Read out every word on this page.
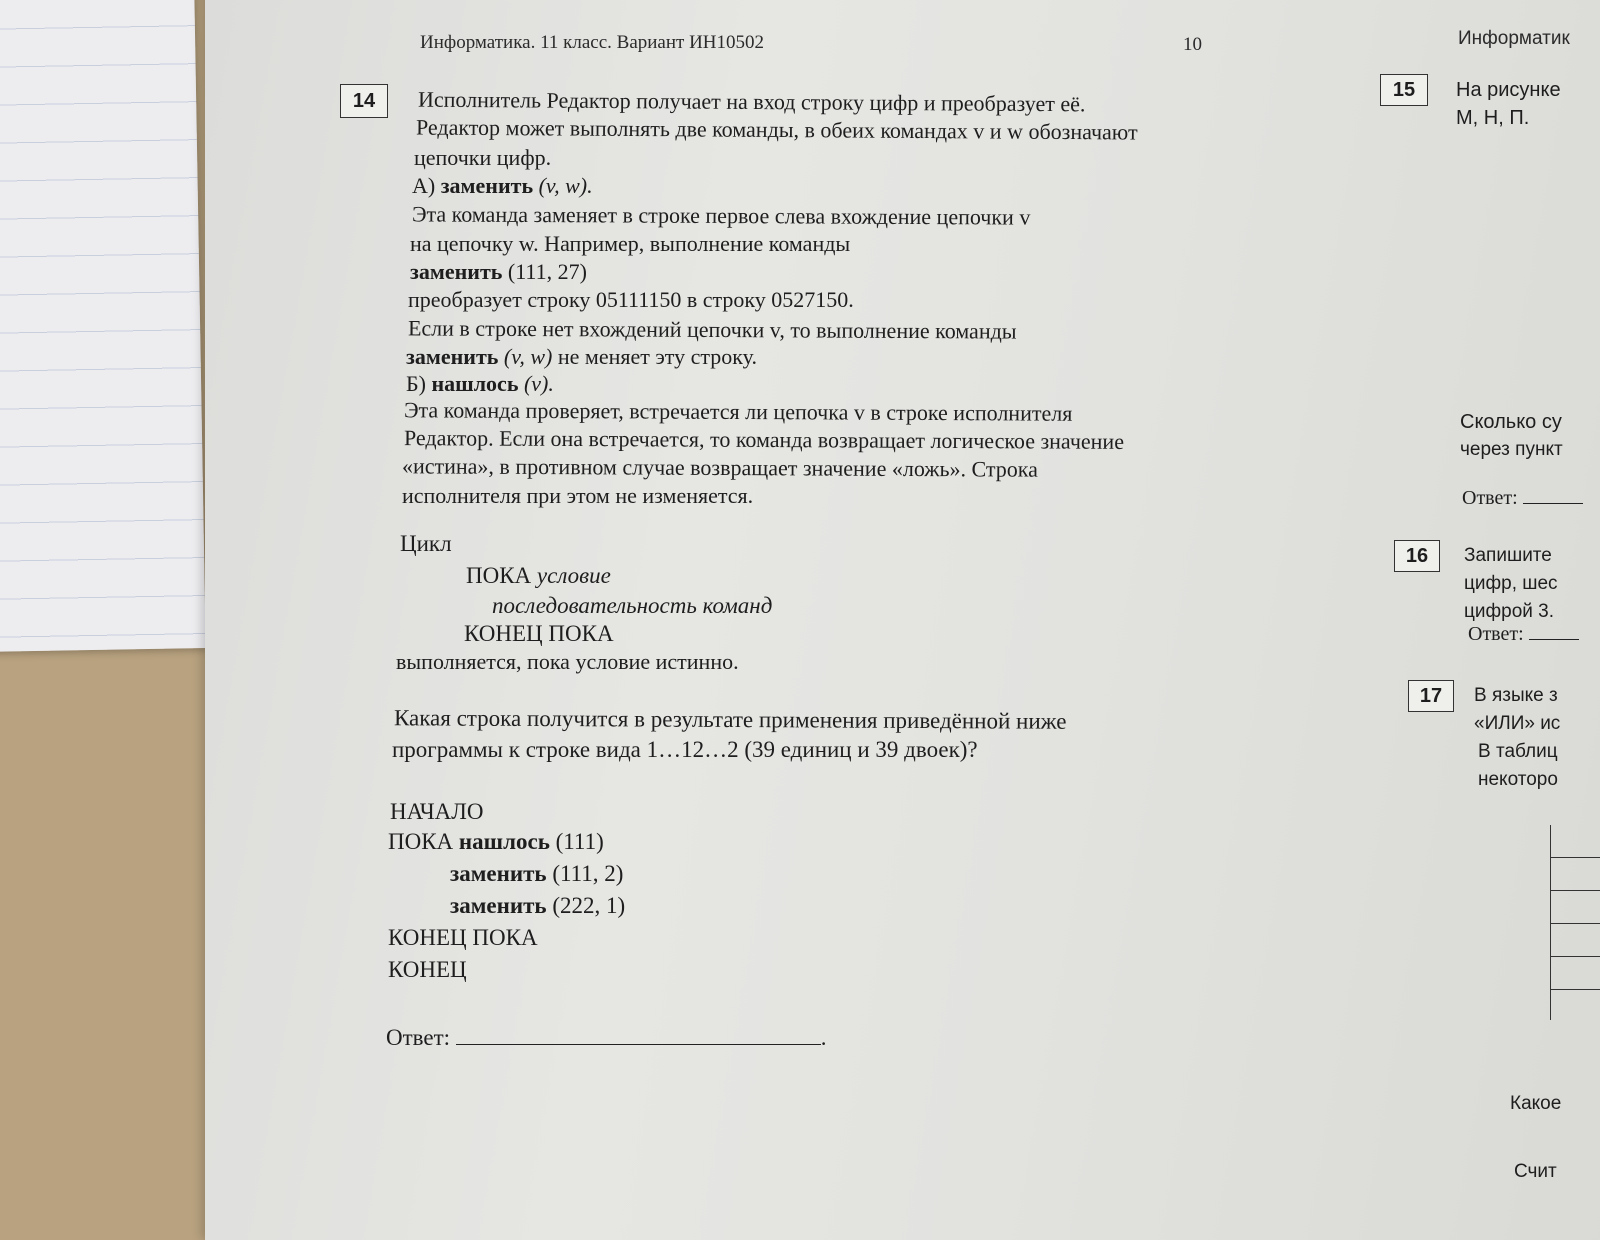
Информатика. 11 класс. Вариант ИН10502	10	Информатик
14	Исполнитель Редактор получает на вход строку цифр и преобразует её.
Редактор может выполнять две команды, в обеих командах v и w обозначают
цепочки цифр.
А) заменить (v, w).
Эта команда заменяет в строке первое слева вхождение цепочки v
на цепочку w. Например, выполнение команды
заменить (111, 27)
преобразует строку 05111150 в строку 0527150.
Если в строке нет вхождений цепочки v, то выполнение команды
заменить (v, w) не меняет эту строку.
Б) нашлось (v).
Эта команда проверяет, встречается ли цепочка v в строке исполнителя
Редактор. Если она встречается, то команда возвращает логическое значение
«истина», в противном случае возвращает значение «ложь». Строка
исполнителя при этом не изменяется.
Цикл
ПОКА условие
последовательность команд
КОНЕЦ ПОКА
выполняется, пока условие истинно.
Какая строка получится в результате применения приведённой ниже
программы к строке вида 1…12…2 (39 единиц и 39 двоек)?
НАЧАЛО
ПОКА нашлось (111)
заменить (111, 2)
заменить (222, 1)
КОНЕЦ ПОКА
КОНЕЦ
Ответ:	.
15	На рисунке
М, Н, П.
Сколько су
через пункт
Ответ:
16	Запишите
цифр, шес
цифрой 3.
Ответ:
17	В языке з
«ИЛИ» ис
В таблиц
некоторо
Какое
Счит
